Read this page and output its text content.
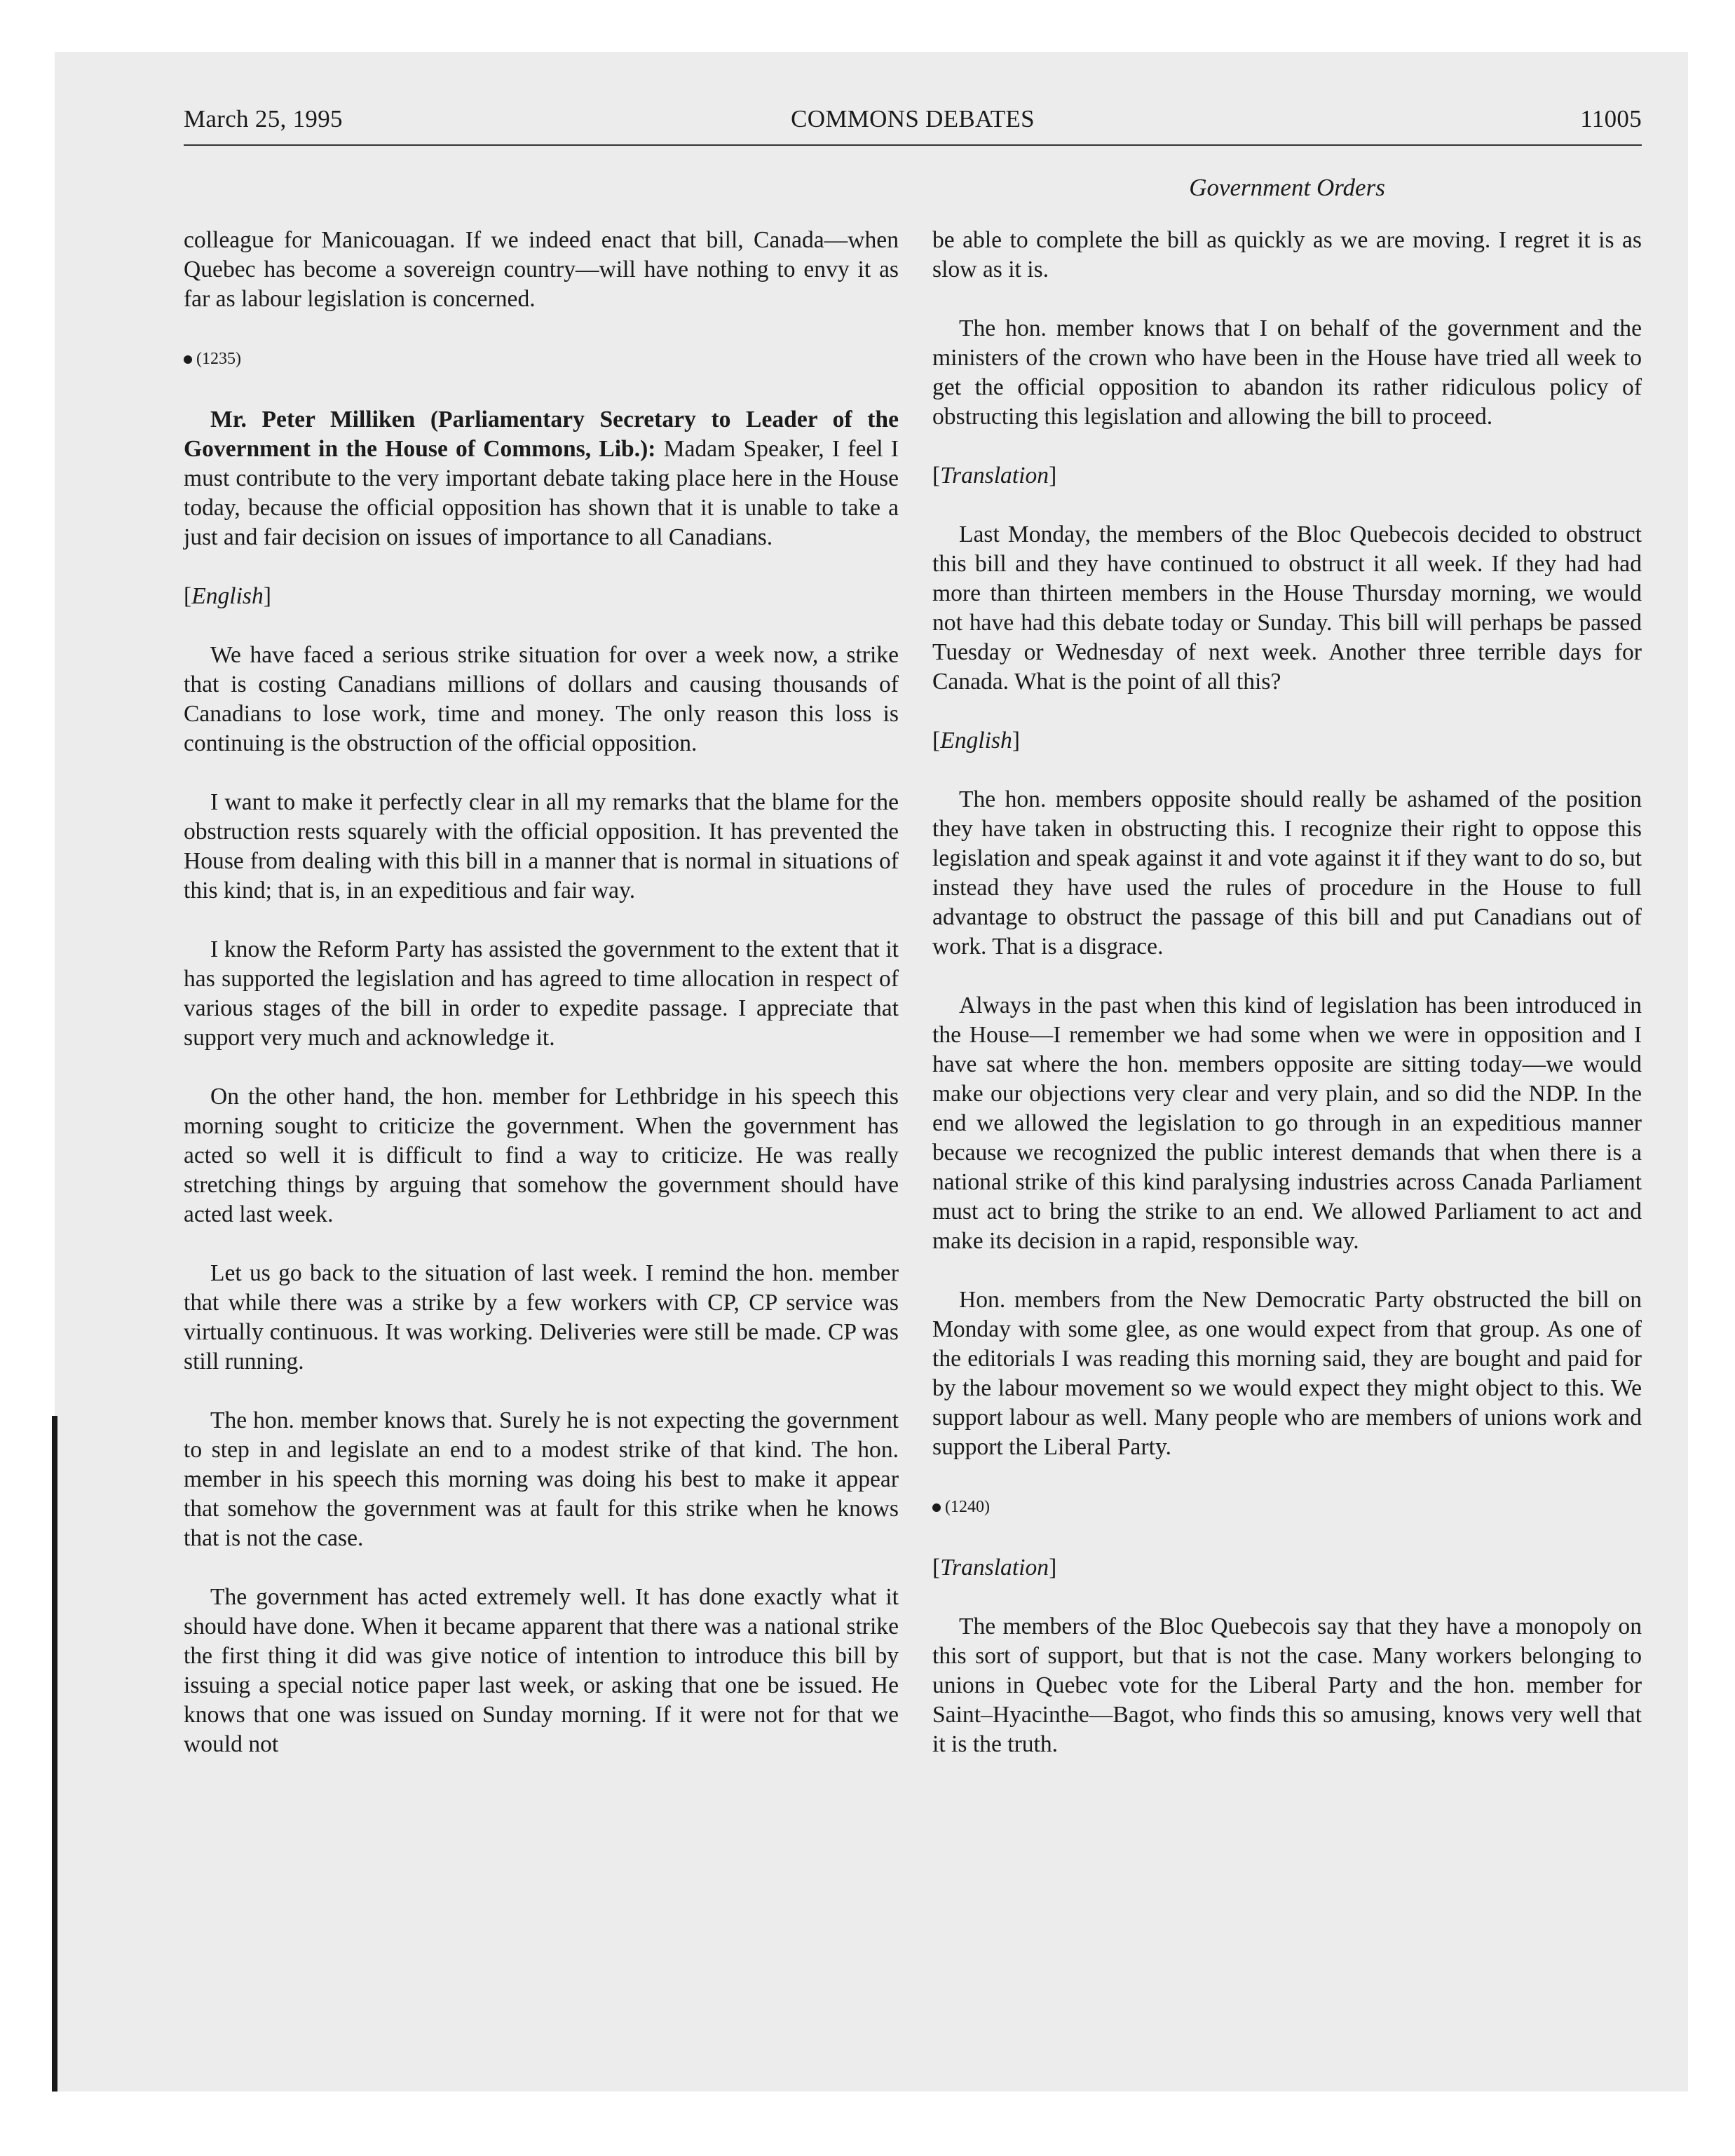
March 25, 1995	COMMONS DEBATES	11005
Government Orders

colleague for Manicouagan. If we indeed enact that bill, Canada—when Quebec has become a sovereign country—will have nothing to envy it as far as labour legislation is concerned.

(1235)

Mr. Peter Milliken (Parliamentary Secretary to Leader of the Government in the House of Commons, Lib.): Madam Speaker, I feel I must contribute to the very important debate taking place here in the House today, because the official opposition has shown that it is unable to take a just and fair decision on issues of importance to all Canadians.

[English]

We have faced a serious strike situation for over a week now, a strike that is costing Canadians millions of dollars and causing thousands of Canadians to lose work, time and money. The only reason this loss is continuing is the obstruction of the official opposition.

I want to make it perfectly clear in all my remarks that the blame for the obstruction rests squarely with the official opposition. It has prevented the House from dealing with this bill in a manner that is normal in situations of this kind; that is, in an expeditious and fair way.

I know the Reform Party has assisted the government to the extent that it has supported the legislation and has agreed to time allocation in respect of various stages of the bill in order to expedite passage. I appreciate that support very much and acknowledge it.

On the other hand, the hon. member for Lethbridge in his speech this morning sought to criticize the government. When the government has acted so well it is difficult to find a way to criticize. He was really stretching things by arguing that somehow the government should have acted last week.

Let us go back to the situation of last week. I remind the hon. member that while there was a strike by a few workers with CP, CP service was virtually continuous. It was working. Deliveries were still be made. CP was still running.

The hon. member knows that. Surely he is not expecting the government to step in and legislate an end to a modest strike of that kind. The hon. member in his speech this morning was doing his best to make it appear that somehow the government was at fault for this strike when he knows that is not the case.

The government has acted extremely well. It has done exactly what it should have done. When it became apparent that there was a national strike the first thing it did was give notice of intention to introduce this bill by issuing a special notice paper last week, or asking that one be issued. He knows that one was issued on Sunday morning. If it were not for that we would not

be able to complete the bill as quickly as we are moving. I regret it is as slow as it is.

The hon. member knows that I on behalf of the government and the ministers of the crown who have been in the House have tried all week to get the official opposition to abandon its rather ridiculous policy of obstructing this legislation and allowing the bill to proceed.

[Translation]

Last Monday, the members of the Bloc Quebecois decided to obstruct this bill and they have continued to obstruct it all week. If they had had more than thirteen members in the House Thursday morning, we would not have had this debate today or Sunday. This bill will perhaps be passed Tuesday or Wednesday of next week. Another three terrible days for Canada. What is the point of all this?

[English]

The hon. members opposite should really be ashamed of the position they have taken in obstructing this. I recognize their right to oppose this legislation and speak against it and vote against it if they want to do so, but instead they have used the rules of procedure in the House to full advantage to obstruct the passage of this bill and put Canadians out of work. That is a disgrace.

Always in the past when this kind of legislation has been introduced in the House—I remember we had some when we were in opposition and I have sat where the hon. members opposite are sitting today—we would make our objections very clear and very plain, and so did the NDP. In the end we allowed the legislation to go through in an expeditious manner because we recognized the public interest demands that when there is a national strike of this kind paralysing industries across Canada Parliament must act to bring the strike to an end. We allowed Parliament to act and make its decision in a rapid, responsible way.

Hon. members from the New Democratic Party obstructed the bill on Monday with some glee, as one would expect from that group. As one of the editorials I was reading this morning said, they are bought and paid for by the labour movement so we would expect they might object to this. We support labour as well. Many people who are members of unions work and support the Liberal Party.

(1240)
[Translation]

The members of the Bloc Quebecois say that they have a monopoly on this sort of support, but that is not the case. Many workers belonging to unions in Quebec vote for the Liberal Party and the hon. member for Saint–Hyacinthe—Bagot, who finds this so amusing, knows very well that it is the truth.
